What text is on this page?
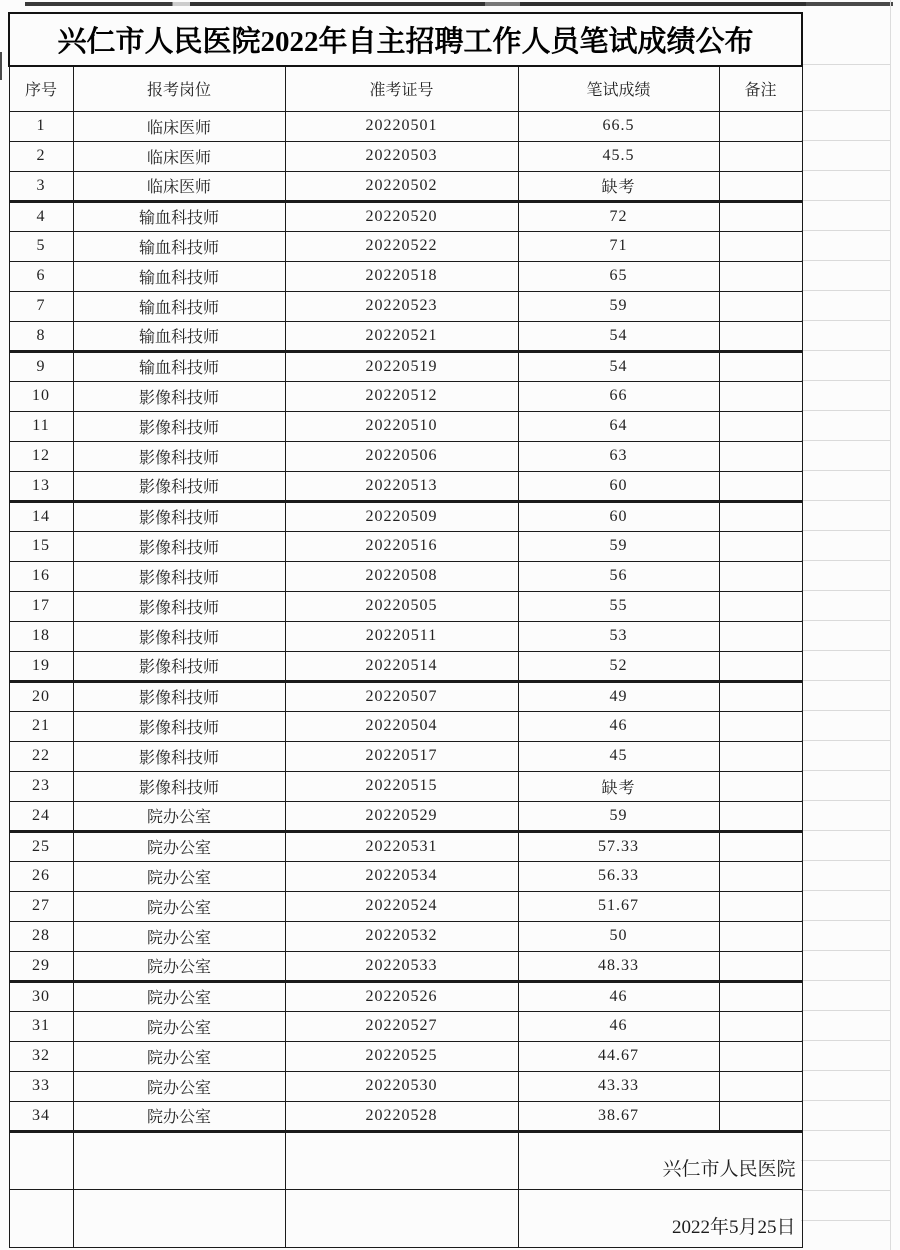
兴仁市人民医院2022年自主招聘工作人员笔试成绩公布				
序号	报考岗位	准考证号	笔试成绩	备注
1	临床医师	20220501	66.5	
2	临床医师	20220503	45.5	
3	临床医师	20220502	缺考	
4	输血科技师	20220520	72	
5	输血科技师	20220522	71	
6	输血科技师	20220518	65	
7	输血科技师	20220523	59	
8	输血科技师	20220521	54	
9	输血科技师	20220519	54	
10	影像科技师	20220512	66	
11	影像科技师	20220510	64	
12	影像科技师	20220506	63	
13	影像科技师	20220513	60	
14	影像科技师	20220509	60	
15	影像科技师	20220516	59	
16	影像科技师	20220508	56	
17	影像科技师	20220505	55	
18	影像科技师	20220511	53	
19	影像科技师	20220514	52	
20	影像科技师	20220507	49	
21	影像科技师	20220504	46	
22	影像科技师	20220517	45	
23	影像科技师	20220515	缺考	
24	院办公室	20220529	59	
25	院办公室	20220531	57.33	
26	院办公室	20220534	56.33	
27	院办公室	20220524	51.67	
28	院办公室	20220532	50	
29	院办公室	20220533	48.33	
30	院办公室	20220526	46	
31	院办公室	20220527	46	
32	院办公室	20220525	44.67	
33	院办公室	20220530	43.33	
34	院办公室	20220528	38.67	
			兴仁市人民医院	
			2022年5月25日	
